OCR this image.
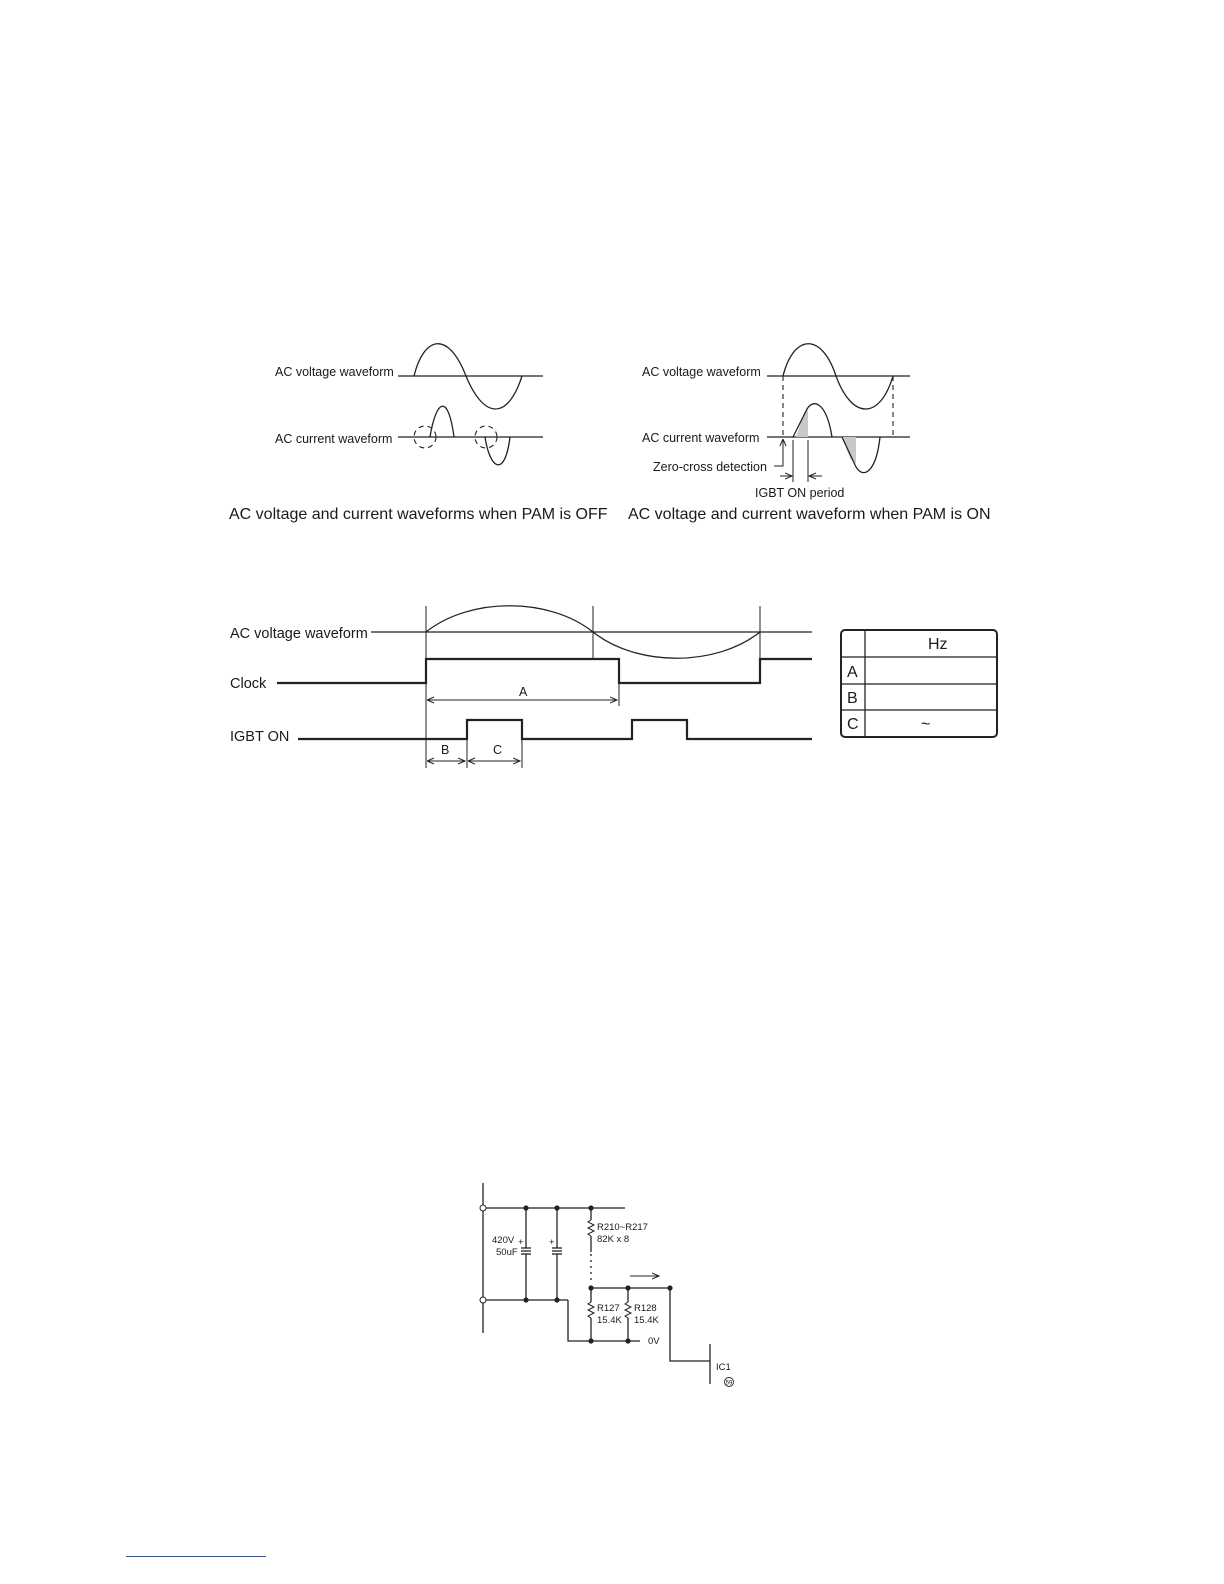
AC voltage waveform
AC current waveform
AC voltage and current waveforms when PAM is OFF
AC voltage waveform
AC current waveform
Zero-cross detection
IGBT ON period
AC voltage and current waveform when PAM is ON
AC voltage waveform
Clock	A
IGBT ON
B	C
Hz
A
B
C	~
+	+
420V
50uF
R210~R217
82K x 8
R127
15.4K
R128
15.4K
0V
IC1
59
